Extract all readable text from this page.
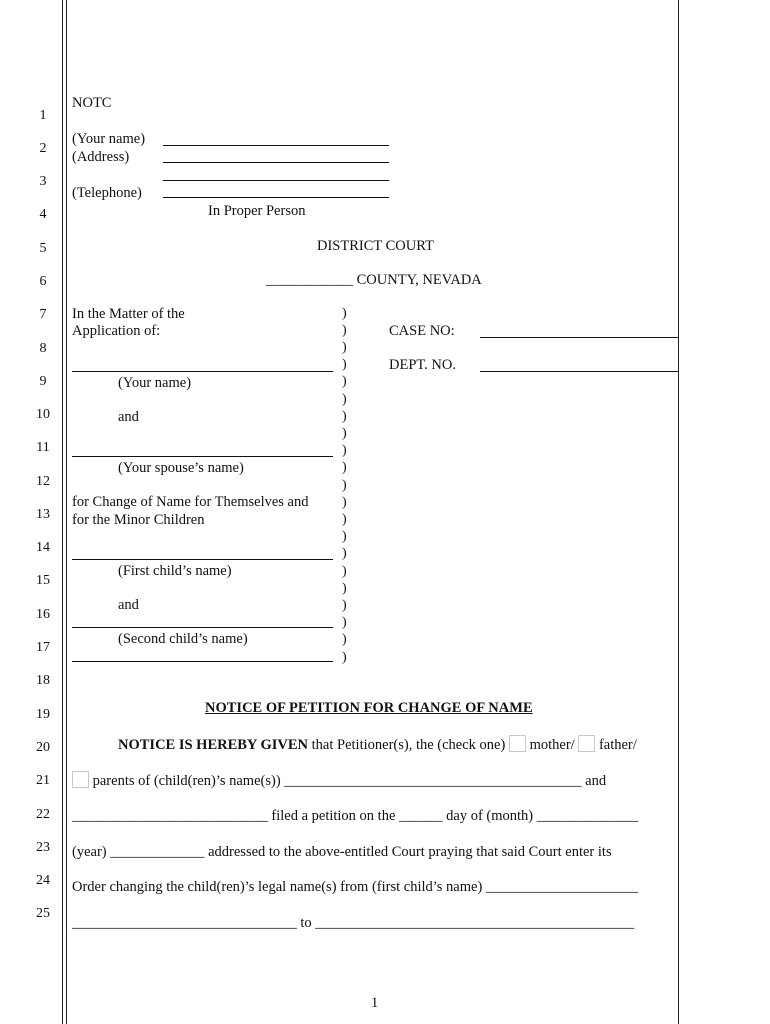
1
2
3
4
5
6
7
8
9
10
11
12
13
14
15
16
17
18
19
20
21
22
23
24
25
NOTC
(Your name)
(Address)
(Telephone)
In Proper Person
DISTRICT COURT
____________ COUNTY, NEVADA
In the Matter of the
Application of:
(Your name)
and
(Your spouse’s name)
for Change of Name for Themselves and
for the Minor Children
(First child’s name)
and
(Second child’s name)
)
)
)
)
)
)
)
)
)
)
)
)
)
)
)
)
)
)
)
)
)
CASE NO:
DEPT. NO.
NOTICE OF PETITION FOR CHANGE OF NAME
NOTICE IS HEREBY GIVEN that Petitioner(s), the (check one) mother/ father/
parents of (child(ren)’s name(s)) _________________________________________ and
___________________________ filed a petition on the ______ day of (month) ______________
(year) _____________ addressed to the above-entitled Court praying that said Court enter its
Order changing the child(ren)’s legal name(s) from (first child’s name) _____________________
_______________________________ to ____________________________________________
1
